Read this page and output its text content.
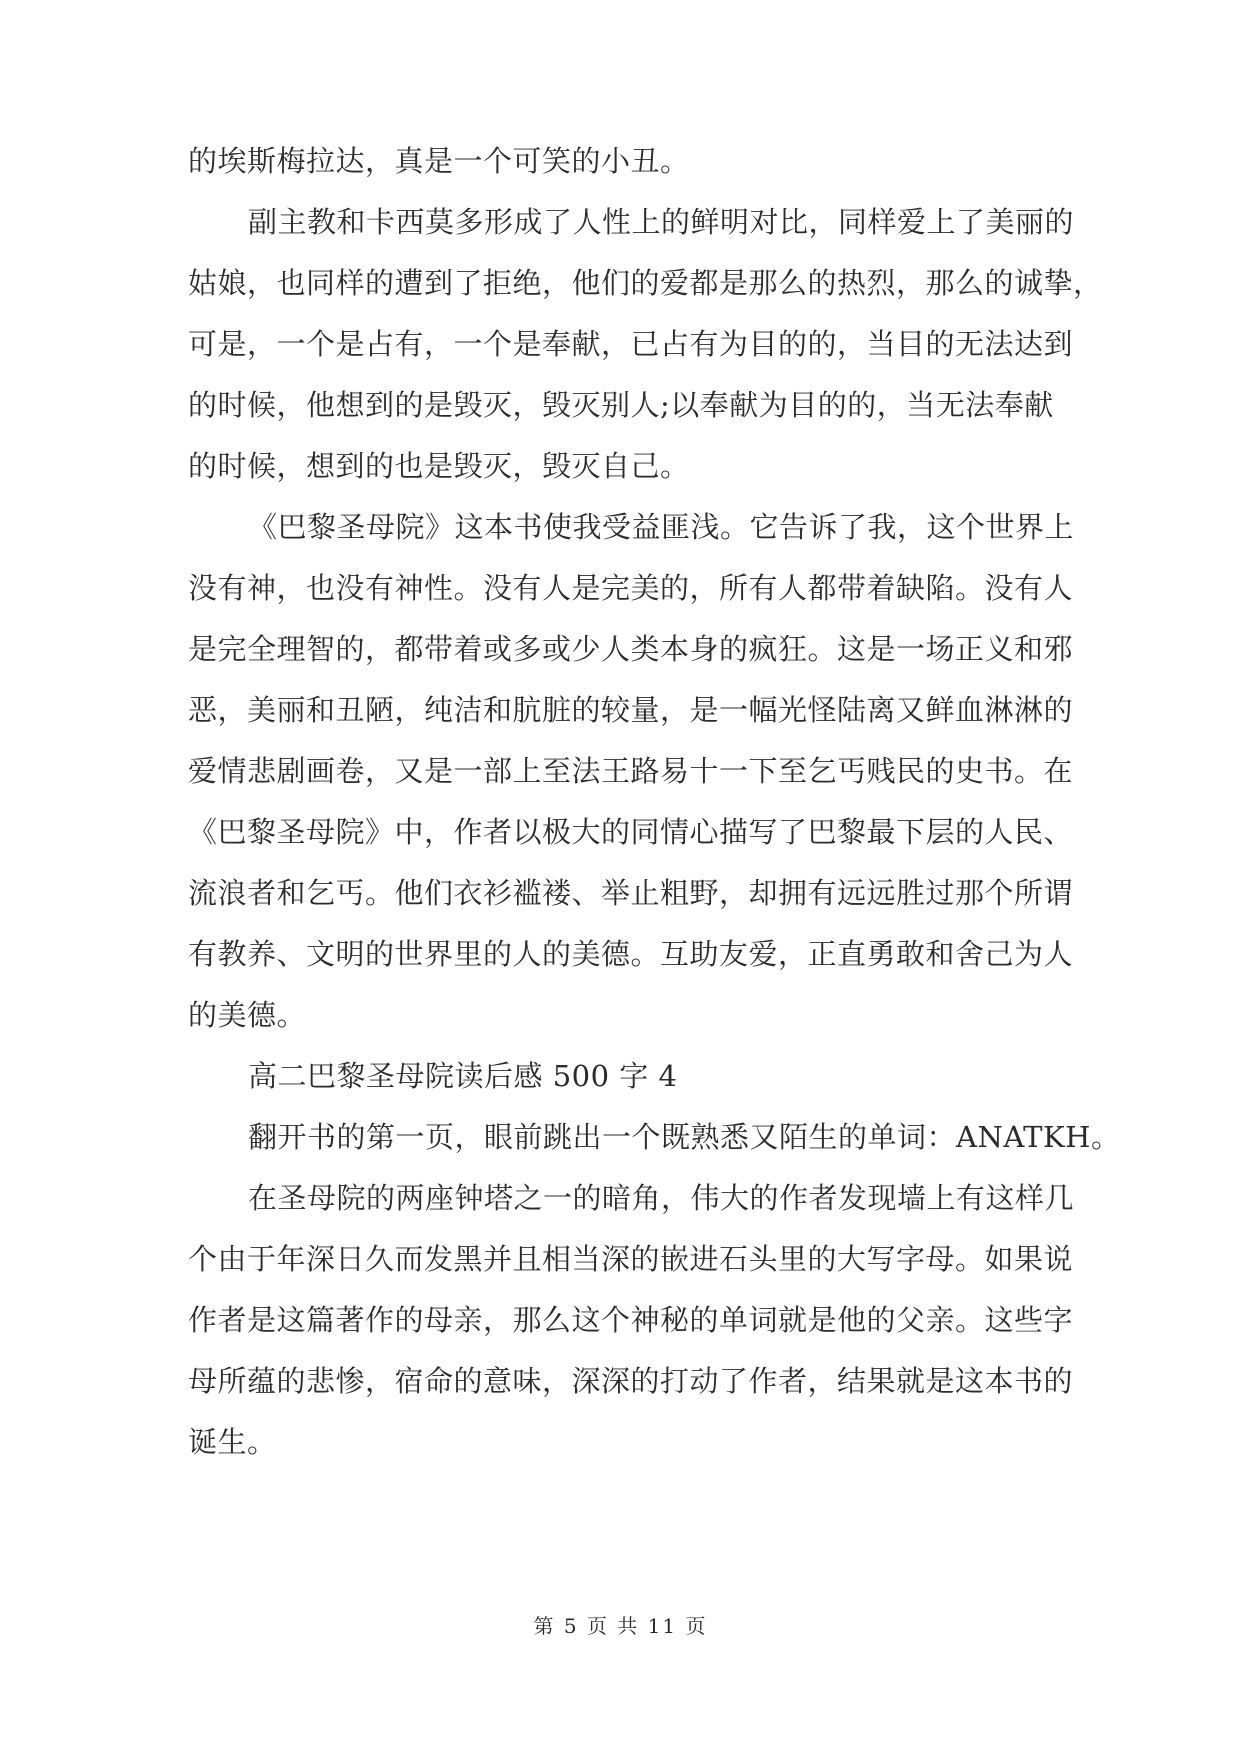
的埃斯梅拉达，真是一个可笑的小丑。
副主教和卡西莫多形成了人性上的鲜明对比，同样爱上了美丽的
姑娘，也同样的遭到了拒绝，他们的爱都是那么的热烈，那么的诚挚，
可是，一个是占有，一个是奉献，已占有为目的的，当目的无法达到
的时候，他想到的是毁灭，毁灭别人;以奉献为目的的，当无法奉献
的时候，想到的也是毁灭，毁灭自己。
《巴黎圣母院》这本书使我受益匪浅。它告诉了我，这个世界上
没有神，也没有神性。没有人是完美的，所有人都带着缺陷。没有人
是完全理智的，都带着或多或少人类本身的疯狂。这是一场正义和邪
恶，美丽和丑陋，纯洁和肮脏的较量，是一幅光怪陆离又鲜血淋淋的
爱情悲剧画卷，又是一部上至法王路易十一下至乞丐贱民的史书。在
《巴黎圣母院》中，作者以极大的同情心描写了巴黎最下层的人民、
流浪者和乞丐。他们衣衫褴褛、举止粗野，却拥有远远胜过那个所谓
有教养、文明的世界里的人的美德。互助友爱，正直勇敢和舍己为人
的美德。
高二巴黎圣母院读后感 500 字 4
翻开书的第一页，眼前跳出一个既熟悉又陌生的单词：ANATKH。
在圣母院的两座钟塔之一的暗角，伟大的作者发现墙上有这样几
个由于年深日久而发黑并且相当深的嵌进石头里的大写字母。如果说
作者是这篇著作的母亲，那么这个神秘的单词就是他的父亲。这些字
母所蕴的悲惨，宿命的意味，深深的打动了作者，结果就是这本书的
诞生。
第 5 页 共 11 页
